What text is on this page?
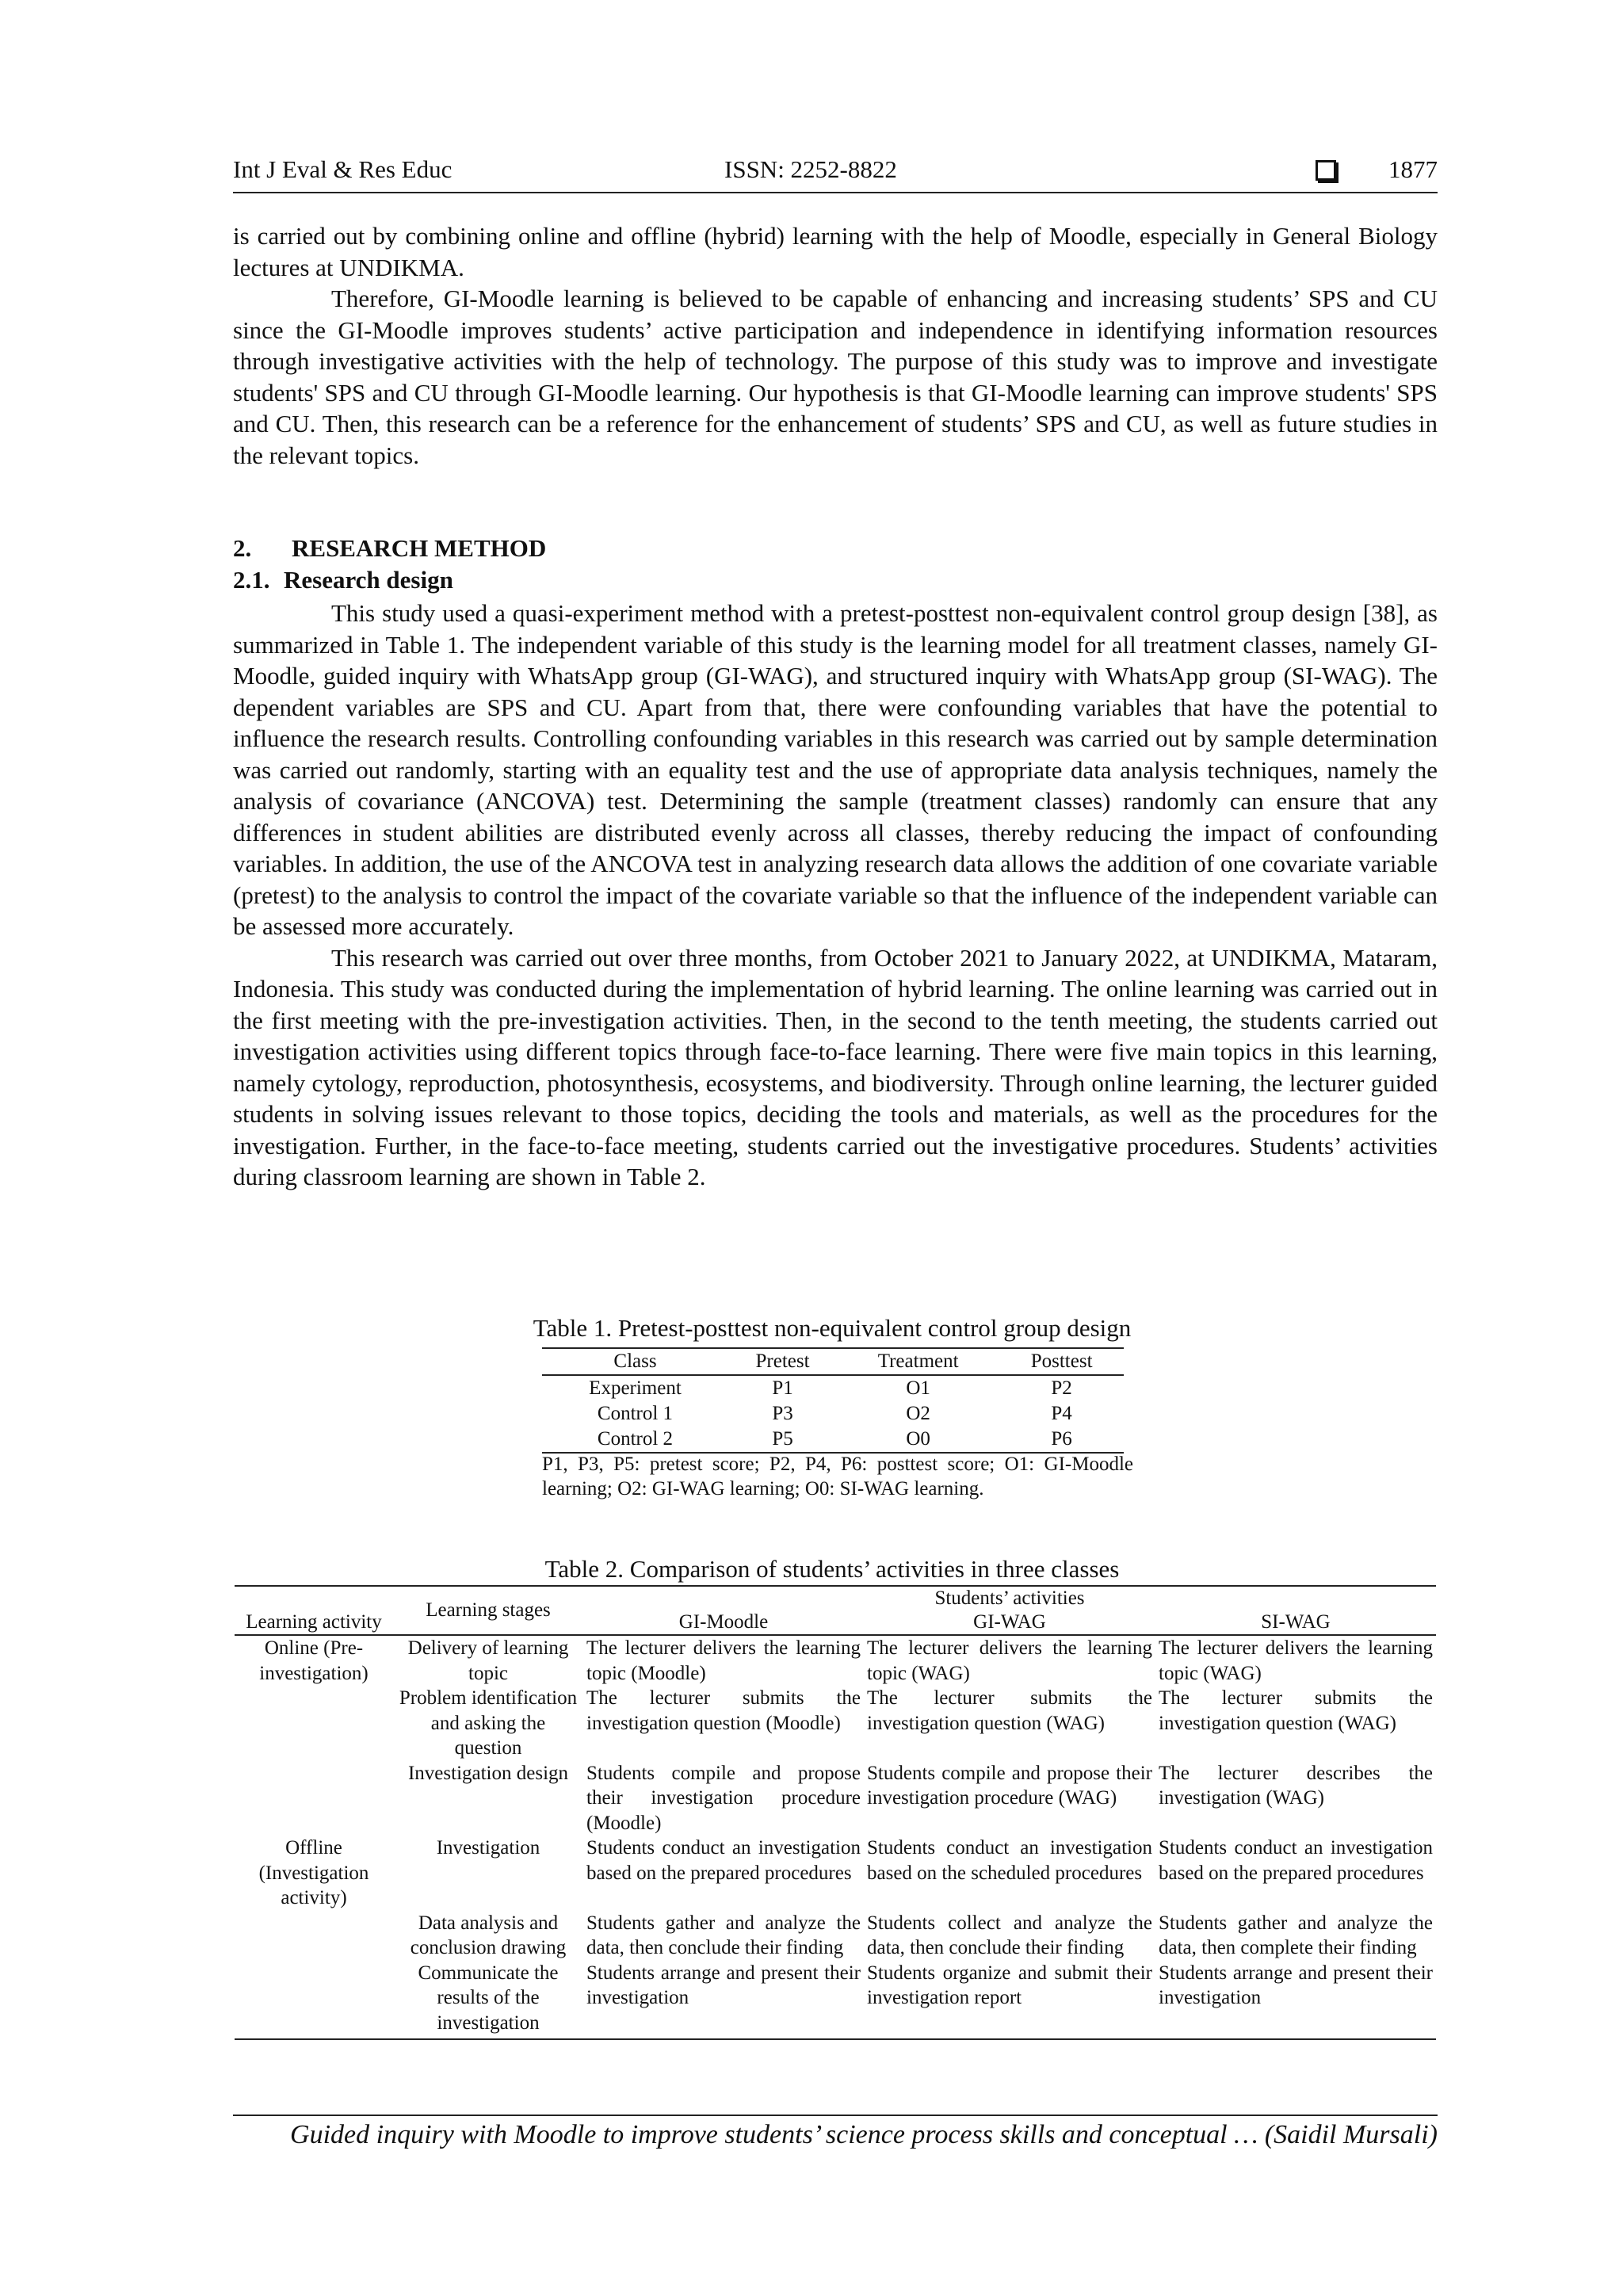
Int J Eval & Res Educ	ISSN: 2252-8822	1877

is carried out by combining online and offline (hybrid) learning with the help of Moodle, especially in General Biology lectures at UNDIKMA.

Therefore, GI-Moodle learning is believed to be capable of enhancing and increasing students’ SPS and CU since the GI-Moodle improves students’ active participation and independence in identifying information resources through investigative activities with the help of technology. The purpose of this study was to improve and investigate students' SPS and CU through GI-Moodle learning. Our hypothesis is that GI-Moodle learning can improve students' SPS and CU. Then, this research can be a reference for the enhancement of students’ SPS and CU, as well as future studies in the relevant topics.

2. RESEARCH METHOD
2.1. Research design

This study used a quasi-experiment method with a pretest-posttest non-equivalent control group design [38], as summarized in Table 1. The independent variable of this study is the learning model for all treatment classes, namely GI-Moodle, guided inquiry with WhatsApp group (GI-WAG), and structured inquiry with WhatsApp group (SI-WAG). The dependent variables are SPS and CU. Apart from that, there were confounding variables that have the potential to influence the research results. Controlling confounding variables in this research was carried out by sample determination was carried out randomly, starting with an equality test and the use of appropriate data analysis techniques, namely the analysis of covariance (ANCOVA) test. Determining the sample (treatment classes) randomly can ensure that any differences in student abilities are distributed evenly across all classes, thereby reducing the impact of confounding variables. In addition, the use of the ANCOVA test in analyzing research data allows the addition of one covariate variable (pretest) to the analysis to control the impact of the covariate variable so that the influence of the independent variable can be assessed more accurately.

This research was carried out over three months, from October 2021 to January 2022, at UNDIKMA, Mataram, Indonesia. This study was conducted during the implementation of hybrid learning. The online learning was carried out in the first meeting with the pre-investigation activities. Then, in the second to the tenth meeting, the students carried out investigation activities using different topics through face-to-face learning. There were five main topics in this learning, namely cytology, reproduction, photosynthesis, ecosystems, and biodiversity. Through online learning, the lecturer guided students in solving issues relevant to those topics, deciding the tools and materials, as well as the procedures for the investigation. Further, in the face-to-face meeting, students carried out the investigative procedures. Students’ activities during classroom learning are shown in Table 2.

Table 1. Pretest-posttest non-equivalent control group design
Class	Pretest	Treatment	Posttest
Experiment	P1	O1	P2
Control 1	P3	O2	P4
Control 2	P5	O0	P6
P1, P3, P5: pretest score; P2, P4, P6: posttest score; O1: GI-Moodle learning; O2: GI-WAG learning; O0: SI-WAG learning.
Table 2. Comparison of students’ activities in three classes
Learning activity	Learning stages	Students’ activities		
		GI-Moodle	GI-WAG	SI-WAG
Online (Pre-investigation)	Delivery of learning topic	The lecturer delivers the learning topic (Moodle)	The lecturer delivers the learning topic (WAG)	The lecturer delivers the learning topic (WAG)
	Problem identification and asking the question	The lecturer submits the investigation question (Moodle)	The lecturer submits the investigation question (WAG)	The lecturer submits the investigation question (WAG)
	Investigation design	Students compile and propose their investigation procedure (Moodle)	Students compile and propose their investigation procedure (WAG)	The lecturer describes the investigation (WAG)
Offline (Investigation activity)	Investigation	Students conduct an investigation based on the prepared procedures	Students conduct an investigation based on the scheduled procedures	Students conduct an investigation based on the prepared procedures
	Data analysis and conclusion drawing	Students gather and analyze the data, then conclude their finding	Students collect and analyze the data, then conclude their finding	Students gather and analyze the data, then complete their finding
	Communicate the results of the investigation	Students arrange and present their investigation	Students organize and submit their investigation report	Students arrange and present their investigation
Guided inquiry with Moodle to improve students’ science process skills and conceptual … (Saidil Mursali)
